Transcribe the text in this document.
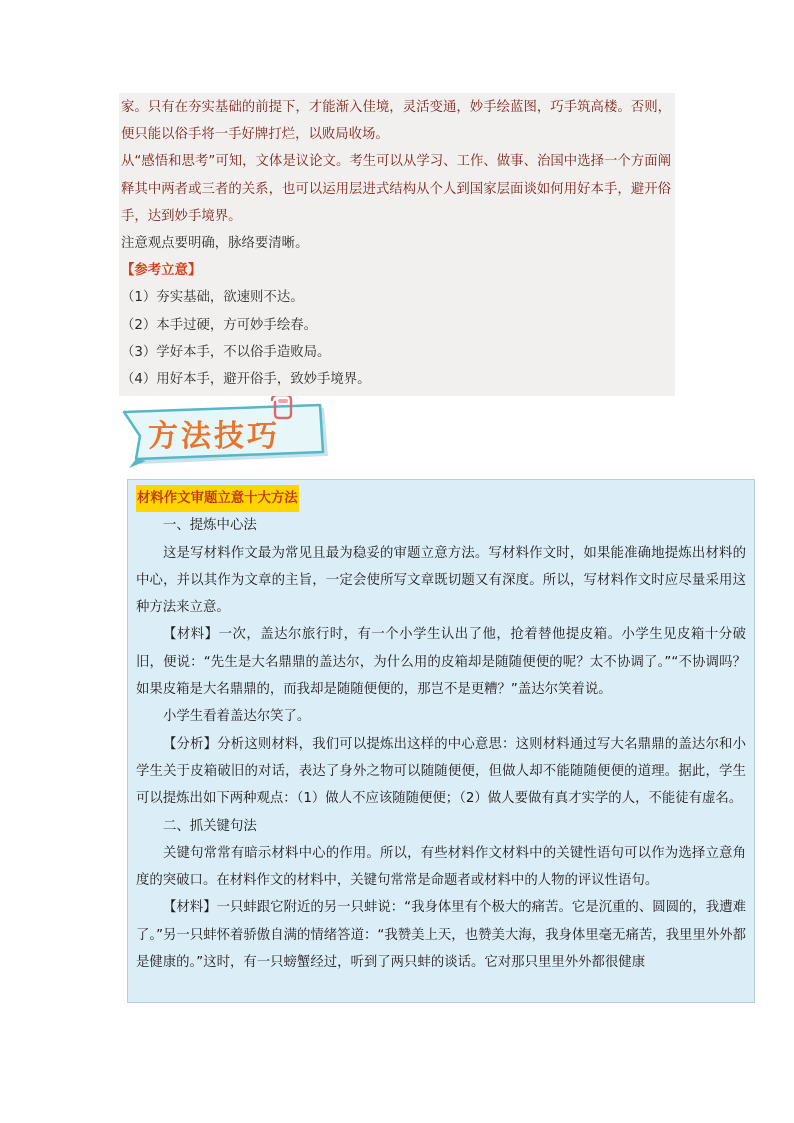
家。只有在夯实基础的前提下，才能渐入佳境，灵活变通，妙手绘蓝图，巧手筑高楼。否则，便只能以俗手将一手好牌打烂，以败局收场。

从“感悟和思考”可知，文体是议论文。考生可以从学习、工作、做事、治国中选择一个方面阐释其中两者或三者的关系，也可以运用层进式结构从个人到国家层面谈如何用好本手，避开俗手，达到妙手境界。

注意观点要明确，脉络要清晰。

【参考立意】

（1）夯实基础，欲速则不达。

（2）本手过硬，方可妙手绘春。

（3）学好本手，不以俗手造败局。

（4）用好本手，避开俗手，致妙手境界。

方法技巧

材料作文审题立意十大方法

一、提炼中心法

这是写材料作文最为常见且最为稳妥的审题立意方法。写材料作文时，如果能准确地提炼出材料的中心，并以其作为文章的主旨，一定会使所写文章既切题又有深度。所以，写材料作文时应尽量采用这种方法来立意。

【材料】一次，盖达尔旅行时，有一个小学生认出了他，抢着替他提皮箱。小学生见皮箱十分破旧，便说：“先生是大名鼎鼎的盖达尔，为什么用的皮箱却是随随便便的呢？太不协调了。”“不协调吗？如果皮箱是大名鼎鼎的，而我却是随随便便的，那岂不是更糟？”盖达尔笑着说。

小学生看着盖达尔笑了。

【分析】分析这则材料，我们可以提炼出这样的中心意思：这则材料通过写大名鼎鼎的盖达尔和小学生关于皮箱破旧的对话，表达了身外之物可以随随便便，但做人却不能随随便便的道理。据此，学生可以提炼出如下两种观点：（1）做人不应该随随便便；（2）做人要做有真才实学的人，不能徒有虚名。

二、抓关键句法

关键句常常有暗示材料中心的作用。所以，有些材料作文材料中的关键性语句可以作为选择立意角度的突破口。在材料作文的材料中，关键句常常是命题者或材料中的人物的评议性语句。

【材料】一只蚌跟它附近的另一只蚌说：“我身体里有个极大的痛苦。它是沉重的、圆圆的，我遭难了。”另一只蚌怀着骄傲自满的情绪答道：“我赞美上天，也赞美大海，我身体里毫无痛苦，我里里外外都是健康的。”这时，有一只螃蟹经过，听到了两只蚌的谈话。它对那只里里外外都很健康
